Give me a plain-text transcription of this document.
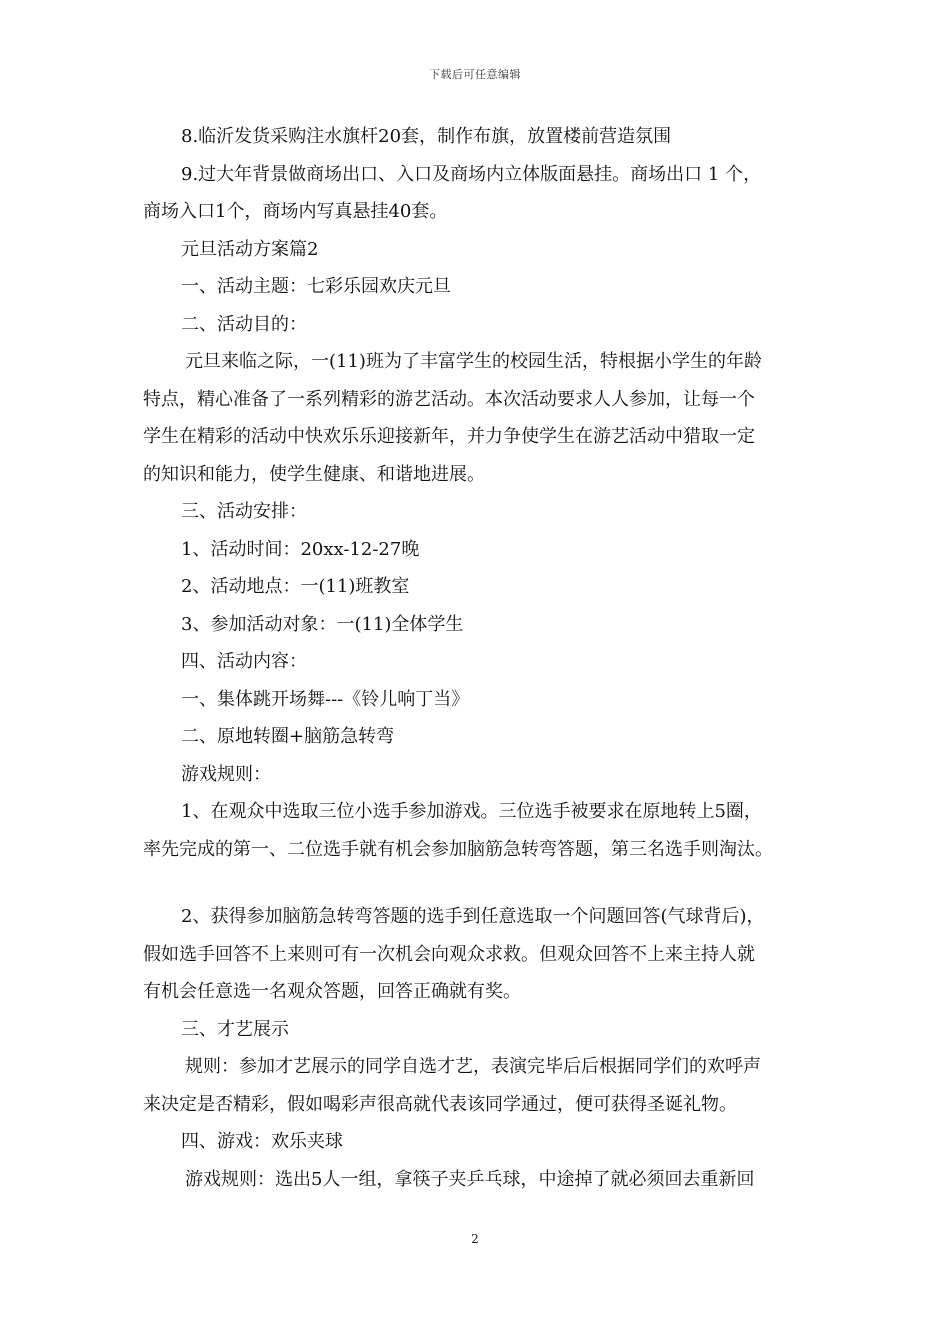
下载后可任意编辑
8.临沂发货采购注水旗杆20套，制作布旗，放置楼前营造氛围
9.过大年背景做商场出口、入口及商场内立体版面悬挂。商场出口 1 个，
商场入口1个，商场内写真悬挂40套。
元旦活动方案篇2
一、活动主题：七彩乐园欢庆元旦
二、活动目的：
元旦来临之际，一(11)班为了丰富学生的校园生活，特根据小学生的年龄
特点，精心准备了一系列精彩的游艺活动。本次活动要求人人参加，让每一个
学生在精彩的活动中快欢乐乐迎接新年，并力争使学生在游艺活动中猎取一定
的知识和能力，使学生健康、和谐地进展。
三、活动安排：
1、活动时间：20xx-12-27晚
2、活动地点：一(11)班教室
3、参加活动对象：一(11)全体学生
四、活动内容：
一、集体跳开场舞---《铃儿响丁当》
二、原地转圈+脑筋急转弯
游戏规则：
1、在观众中选取三位小选手参加游戏。三位选手被要求在原地转上5圈，
率先完成的第一、二位选手就有机会参加脑筋急转弯答题，第三名选手则淘汰。
2、获得参加脑筋急转弯答题的选手到任意选取一个问题回答(气球背后)，
假如选手回答不上来则可有一次机会向观众求救。但观众回答不上来主持人就
有机会任意选一名观众答题，回答正确就有奖。
三、才艺展示
规则：参加才艺展示的同学自选才艺，表演完毕后后根据同学们的欢呼声
来决定是否精彩，假如喝彩声很高就代表该同学通过，便可获得圣诞礼物。
四、游戏：欢乐夹球
游戏规则：选出5人一组，拿筷子夹乒乓球，中途掉了就必须回去重新回
2
